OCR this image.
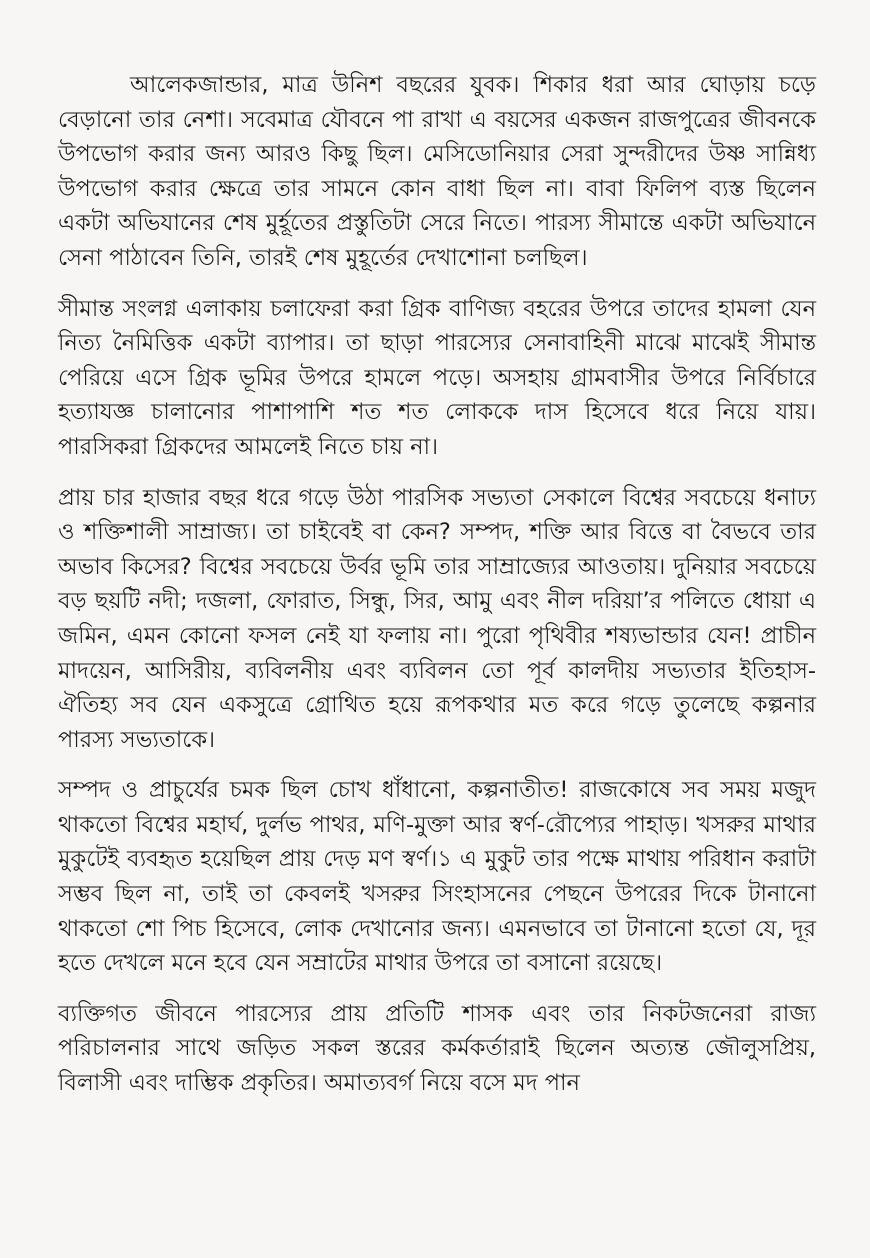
আলেকজান্ডার, মাত্র উনিশ বছরের যুবক। শিকার ধরা আর ঘোড়ায় চড়ে বেড়ানো তার নেশা। সবেমাত্র যৌবনে পা রাখা এ বয়সের একজন রাজপুত্রের জীবনকে উপভোগ করার জন্য আরও কিছু ছিল। মেসিডোনিয়ার সেরা সুন্দরীদের উষ্ণ সান্নিধ্য উপভোগ করার ক্ষেত্রে তার সামনে কোন বাধা ছিল না। বাবা ফিলিপ ব্যস্ত ছিলেন একটা অভিযানের শেষ মুর্হূতের প্রস্তুতিটা সেরে নিতে। পারস্য সীমান্তে একটা অভিযানে সেনা পাঠাবেন তিনি, তারই শেষ মুহূর্তের দেখাশোনা চলছিল।

সীমান্ত সংলগ্ন এলাকায় চলাফেরা করা গ্রিক বাণিজ্য বহরের উপরে তাদের হামলা যেন নিত্য নৈমিত্তিক একটা ব্যাপার। তা ছাড়া পারস্যের সেনাবাহিনী মাঝে মাঝেই সীমান্ত পেরিয়ে এসে গ্রিক ভূমির উপরে হামলে পড়ে। অসহায় গ্রামবাসীর উপরে নির্বিচারে হত্যাযজ্ঞ চালানোর পাশাপাশি শত শত লোককে দাস হিসেবে ধরে নিয়ে যায়। পারসিকরা গ্রিকদের আমলেই নিতে চায় না।

প্রায় চার হাজার বছর ধরে গড়ে উঠা পারসিক সভ্যতা সেকালে বিশ্বের সবচেয়ে ধনাঢ্য ও শক্তিশালী সাম্রাজ্য। তা চাইবেই বা কেন? সম্পদ, শক্তি আর বিত্তে বা বৈভবে তার অভাব কিসের? বিশ্বের সবচেয়ে উর্বর ভূমি তার সাম্রাজ্যের আওতায়। দুনিয়ার সবচেয়ে বড় ছয়টি নদী; দজলা, ফোরাত, সিন্ধু, সির, আমু এবং নীল দরিয়া’র পলিতে ধোয়া এ জমিন, এমন কোনো ফসল নেই যা ফলায় না। পুরো পৃথিবীর শষ্যভান্ডার যেন! প্রাচীন মাদয়েন, আসিরীয়, ব্যবিলনীয় এবং ব্যবিলন তো পূর্ব কালদীয় সভ্যতার ইতিহাস-ঐতিহ্য সব যেন একসুত্রে গ্রোথিত হয়ে রূপকথার মত করে গড়ে তুলেছে কল্পনার পারস্য সভ্যতাকে।

সম্পদ ও প্রাচুর্যের চমক ছিল চোখ ধাঁধানো, কল্পনাতীত! রাজকোষে সব সময় মজুদ থাকতো বিশ্বের মহার্ঘ, দুর্লভ পাথর, মণি-মুক্তা আর স্বর্ণ-রৌপ্যের পাহাড়। খসরুর মাথার মুকুটেই ব্যবহৃত হয়েছিল প্রায় দেড় মণ স্বর্ণ।১ এ মুকুট তার পক্ষে মাথায় পরিধান করাটা সম্ভব ছিল না, তাই তা কেবলই খসরুর সিংহাসনের পেছনে উপরের দিকে টানানো থাকতো শো পিচ হিসেবে, লোক দেখানোর জন্য। এমনভাবে তা টানানো হতো যে, দূর হতে দেখলে মনে হবে যেন সম্রাটের মাথার উপরে তা বসানো রয়েছে।

ব্যক্তিগত জীবনে পারস্যের প্রায় প্রতিটি শাসক এবং তার নিকটজনেরা রাজ্য পরিচালনার সাথে জড়িত সকল স্তরের কর্মকর্তারাই ছিলেন অত্যন্ত জৌলুসপ্রিয়, বিলাসী এবং দাম্ভিক প্রকৃতির। অমাত্যবর্গ নিয়ে বসে মদ পান
